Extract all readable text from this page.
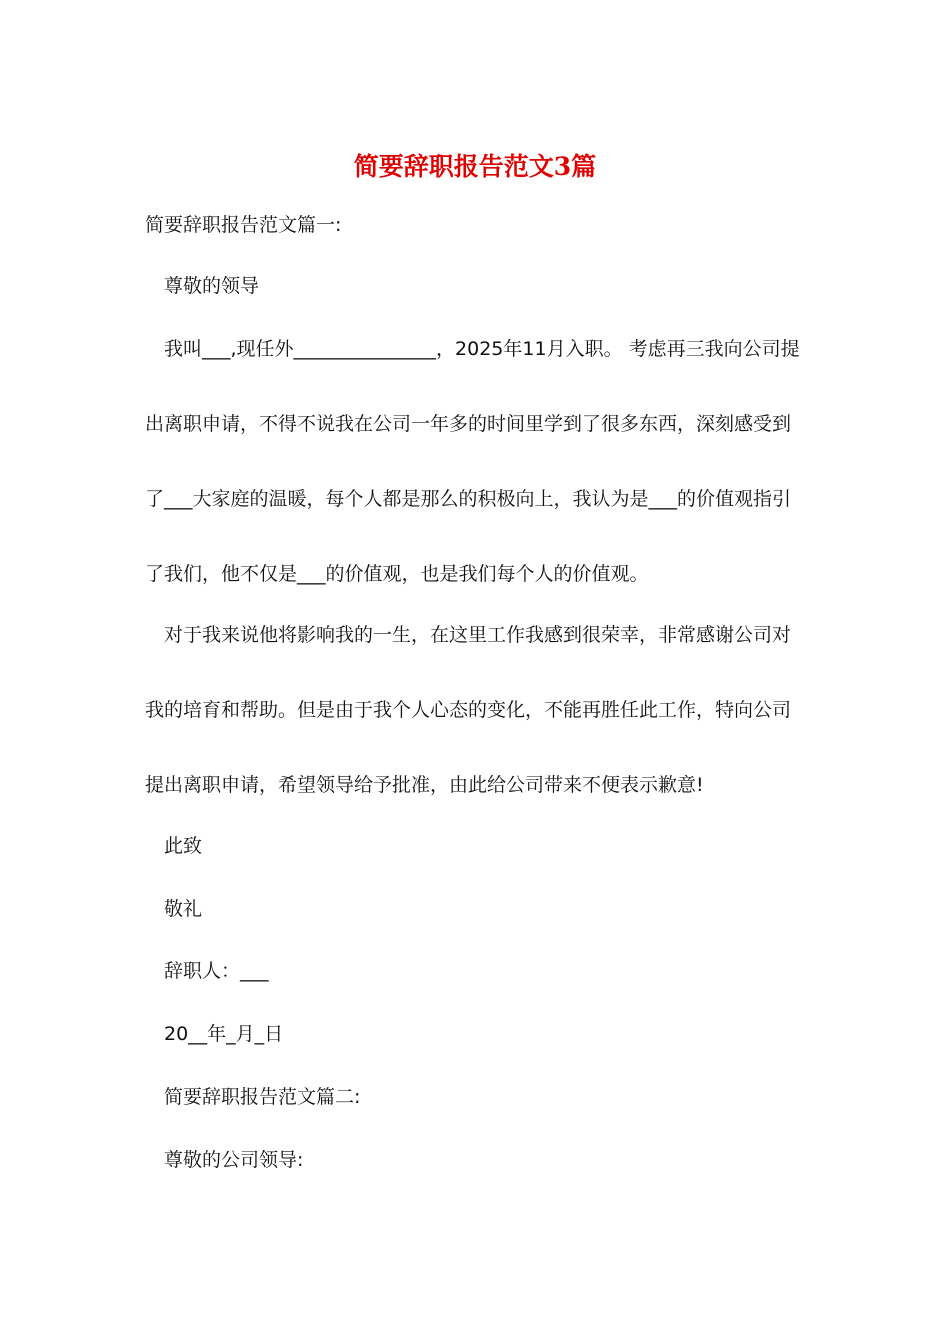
简要辞职报告范文3篇

简要辞职报告范文篇一:

尊敬的领导

我叫___,现任外_______________，2025年11月入职。 考虑再三我向公司提

出离职申请，不得不说我在公司一年多的时间里学到了很多东西，深刻感受到

了___大家庭的温暖，每个人都是那么的积极向上，我认为是___的价值观指引

了我们，他不仅是___的价值观，也是我们每个人的价值观。

对于我来说他将影响我的一生，在这里工作我感到很荣幸，非常感谢公司对

我的培育和帮助。但是由于我个人心态的变化，不能再胜任此工作，特向公司

提出离职申请，希望领导给予批准，由此给公司带来不便表示歉意!

此致

敬礼

辞职人：___

20__年_月_日

简要辞职报告范文篇二:

尊敬的公司领导:
